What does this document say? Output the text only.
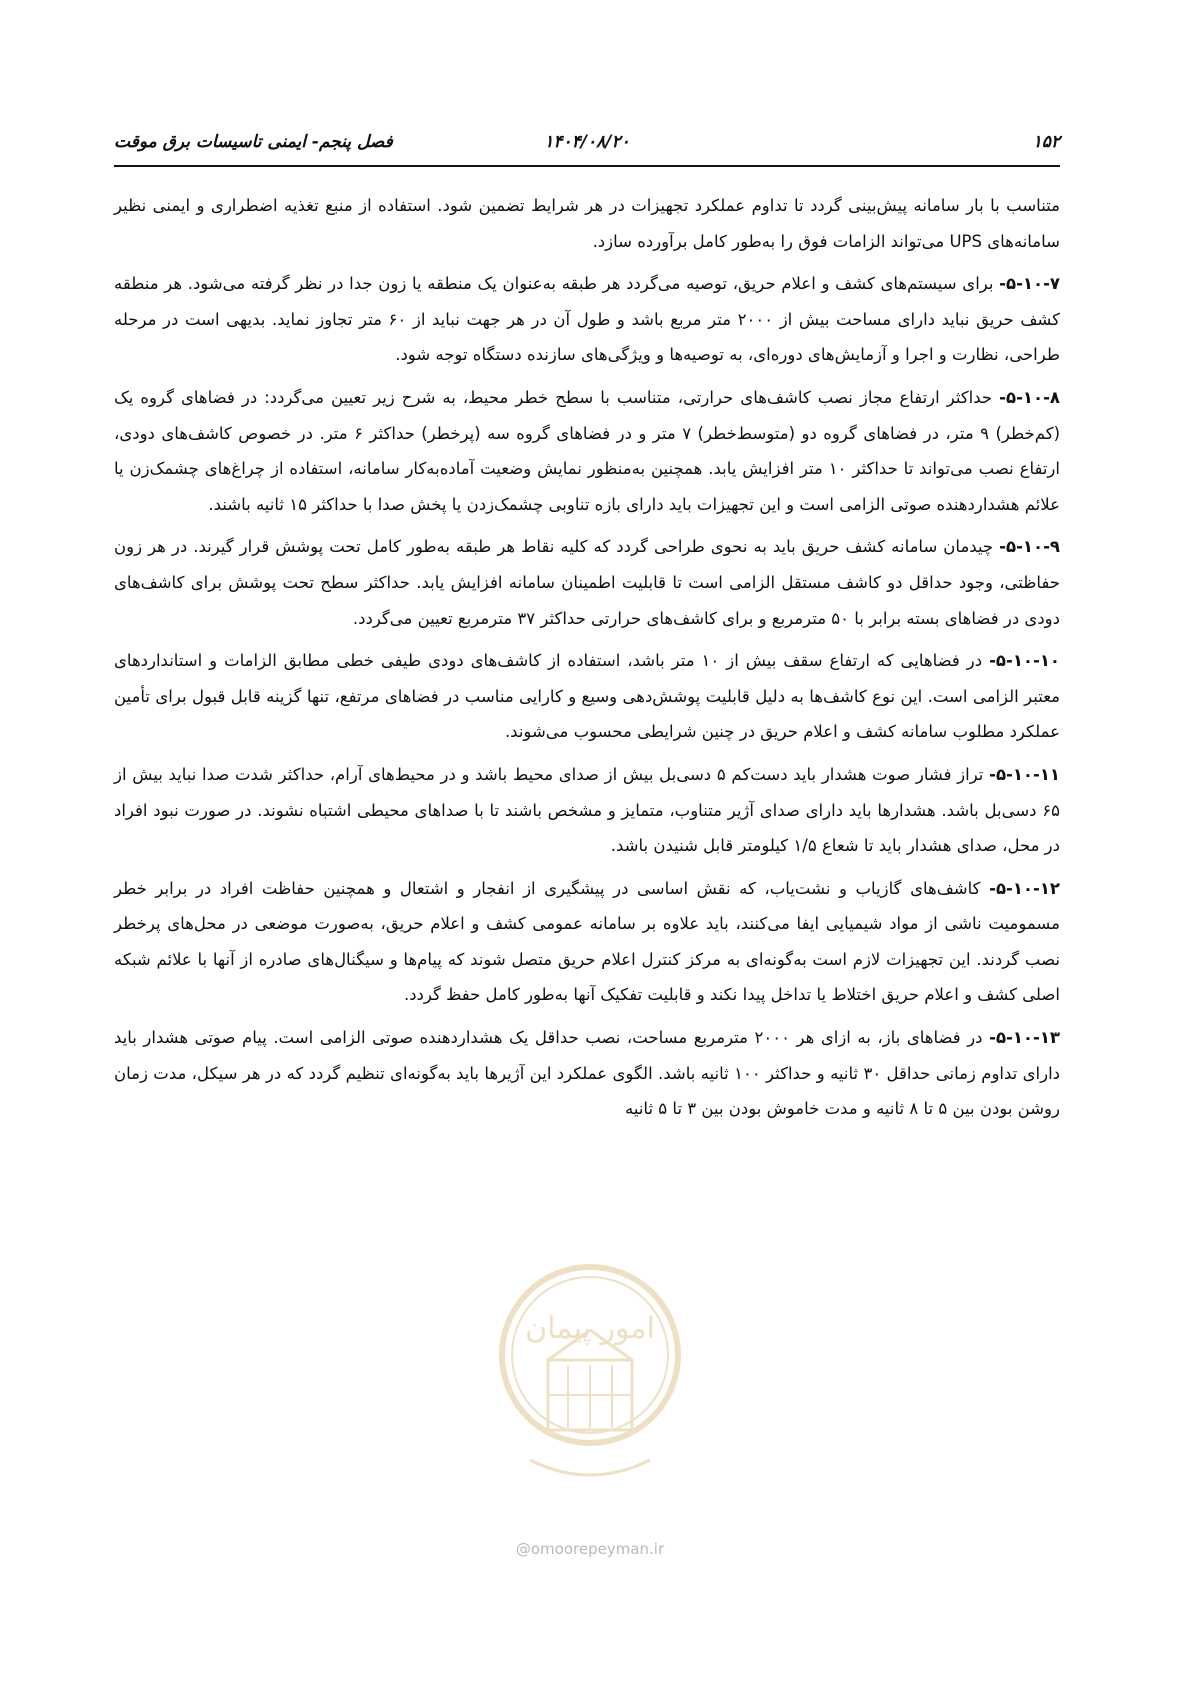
۱۵۲
۱۴۰۴/۰۸/۲۰
فصل پنجم- ایمنی تاسیسات برق موقت

متناسب با بار سامانه پیش‌بینی گردد تا تداوم عملکرد تجهیزات در هر شرایط تضمین شود. استفاده از منبع تغذیه اضطراری و ایمنی نظیر سامانه‌های UPS می‌تواند الزامات فوق را به‌طور کامل برآورده سازد.

۵-۱۰-۷- برای سیستم‌های کشف و اعلام حریق، توصیه می‌گردد هر طبقه به‌عنوان یک منطقه یا زون جدا در نظر گرفته می‌شود. هر منطقه کشف حریق نباید دارای مساحت بیش از ۲۰۰۰ متر مربع باشد و طول آن در هر جهت نباید از ۶۰ متر تجاوز نماید. بدیهی است در مرحله طراحی، نظارت و اجرا و آزمایش‌های دوره‌ای، به توصیه‌ها و ویژگی‌های سازنده دستگاه توجه شود.

۵-۱۰-۸- حداکثر ارتفاع مجاز نصب کاشف‌های حرارتی، متناسب با سطح خطر محیط، به شرح زیر تعیین می‌گردد: در فضاهای گروه یک (کم‌خطر) ۹ متر، در فضاهای گروه دو (متوسط‌خطر) ۷ متر و در فضاهای گروه سه (پرخطر) حداکثر ۶ متر. در خصوص کاشف‌های دودی، ارتفاع نصب می‌تواند تا حداکثر ۱۰ متر افزایش یابد. همچنین به‌منظور نمایش وضعیت آماده‌به‌کار سامانه، استفاده از چراغ‌های چشمک‌زن یا علائم هشداردهنده صوتی الزامی است و این تجهیزات باید دارای بازه تناوبی چشمک‌زدن یا پخش صدا با حداکثر ۱۵ ثانیه باشند.

۵-۱۰-۹- چیدمان سامانه کشف حریق باید به نحوی طراحی گردد که کلیه نقاط هر طبقه به‌طور کامل تحت پوشش قرار گیرند. در هر زون حفاظتی، وجود حداقل دو کاشف مستقل الزامی است تا قابلیت اطمینان سامانه افزایش یابد. حداکثر سطح تحت پوشش برای کاشف‌های دودی در فضاهای بسته برابر با ۵۰ مترمربع و برای کاشف‌های حرارتی حداکثر ۳۷ مترمربع تعیین می‌گردد.

۵-۱۰-۱۰- در فضاهایی که ارتفاع سقف بیش از ۱۰ متر باشد، استفاده از کاشف‌های دودی طیفی خطی مطابق الزامات و استانداردهای معتبر الزامی است. این نوع کاشف‌ها به دلیل قابلیت پوشش‌دهی وسیع و کارایی مناسب در فضاهای مرتفع، تنها گزینه قابل قبول برای تأمین عملکرد مطلوب سامانه کشف و اعلام حریق در چنین شرایطی محسوب می‌شوند.

۵-۱۰-۱۱- تراز فشار صوت هشدار باید دست‌کم ۵ دسی‌بل بیش از صدای محیط باشد و در محیط‌های آرام، حداکثر شدت صدا نباید بیش از ۶۵ دسی‌بل باشد. هشدارها باید دارای صدای آژیر متناوب، متمایز و مشخص باشند تا با صداهای محیطی اشتباه نشوند. در صورت نبود افراد در محل، صدای هشدار باید تا شعاع ۱/۵ کیلومتر قابل شنیدن باشد.

۵-۱۰-۱۲- کاشف‌های گازیاب و نشت‌یاب، که نقش اساسی در پیشگیری از انفجار و اشتعال و همچنین حفاظت افراد در برابر خطر مسمومیت ناشی از مواد شیمیایی ایفا می‌کنند، باید علاوه بر سامانه عمومی کشف و اعلام حریق، به‌صورت موضعی در محل‌های پرخطر نصب گردند. این تجهیزات لازم است به‌گونه‌ای به مرکز کنترل اعلام حریق متصل شوند که پیام‌ها و سیگنال‌های صادره از آنها با علائم شبکه اصلی کشف و اعلام حریق اختلاط یا تداخل پیدا نکند و قابلیت تفکیک آنها به‌طور کامل حفظ گردد.

۵-۱۰-۱۳- در فضاهای باز، به ازای هر ۲۰۰۰ مترمربع مساحت، نصب حداقل یک هشداردهنده صوتی الزامی است. پیام صوتی هشدار باید دارای تداوم زمانی حداقل ۳۰ ثانیه و حداکثر ۱۰۰ ثانیه باشد. الگوی عملکرد این آژیرها باید به‌گونه‌ای تنظیم گردد که در هر سیکل، مدت زمان روشن بودن بین ۵ تا ۸ ثانیه و مدت خاموش بودن بین ۳ تا ۵ ثانیه

امور پیمان
@omoorepeyman.ir
